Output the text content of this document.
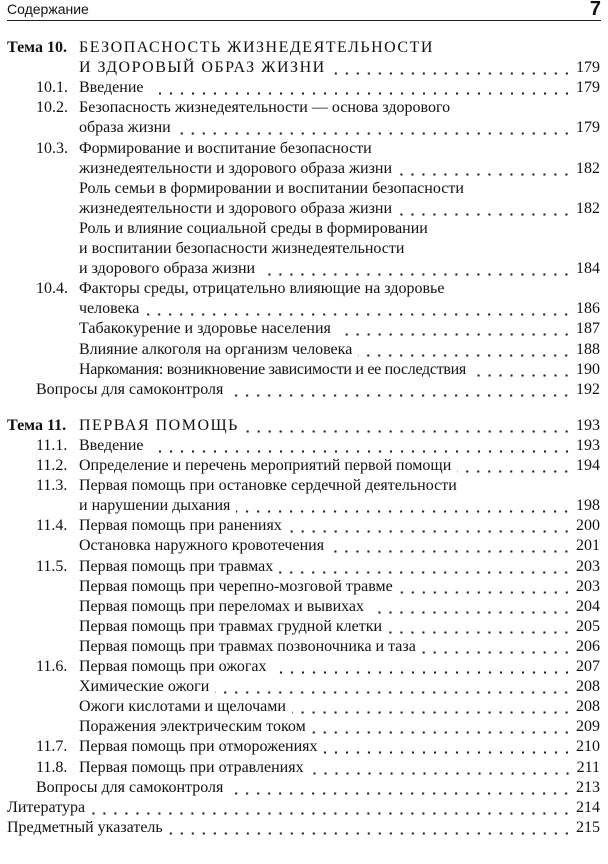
Содержание	7
Тема 10. БЕЗОПАСНОСТЬ ЖИЗНЕДЕЯТЕЛЬНОСТИ
И ЗДОРОВЫЙ ОБРАЗ ЖИЗНИ	179
10.1. Введение	179
10.2. Безопасность жизнедеятельности — основа здорового
образа жизни	179
10.3. Формирование и воспитание безопасности
жизнедеятельности и здорового образа жизни	182
Роль семьи в формировании и воспитании безопасности
жизнедеятельности и здорового образа жизни	182
Роль и влияние социальной среды в формировании
и воспитании безопасности жизнедеятельности
и здорового образа жизни	184
10.4. Факторы среды, отрицательно влияющие на здоровье
человека	186
Табакокурение и здоровье населения	187
Влияние алкоголя на организм человека	188
Наркомания: возникновение зависимости и ее последствия	190
Вопросы для самоконтроля	192
Тема 11. ПЕРВАЯ ПОМОЩЬ	193
11.1. Введение	193
11.2. Определение и перечень мероприятий первой помощи	194
11.3. Первая помощь при остановке сердечной деятельности
и нарушении дыхания	198
11.4. Первая помощь при ранениях	200
Остановка наружного кровотечения	201
11.5. Первая помощь при травмах	203
Первая помощь при черепно-мозговой травме	203
Первая помощь при переломах и вывихах	204
Первая помощь при травмах грудной клетки	205
Первая помощь при травмах позвоночника и таза	206
11.6. Первая помощь при ожогах	207
Химические ожоги	208
Ожоги кислотами и щелочами	208
Поражения электрическим током	209
11.7. Первая помощь при отморожениях	210
11.8. Первая помощь при отравлениях	211
Вопросы для самоконтроля	213
Литература	214
Предметный указатель	215
